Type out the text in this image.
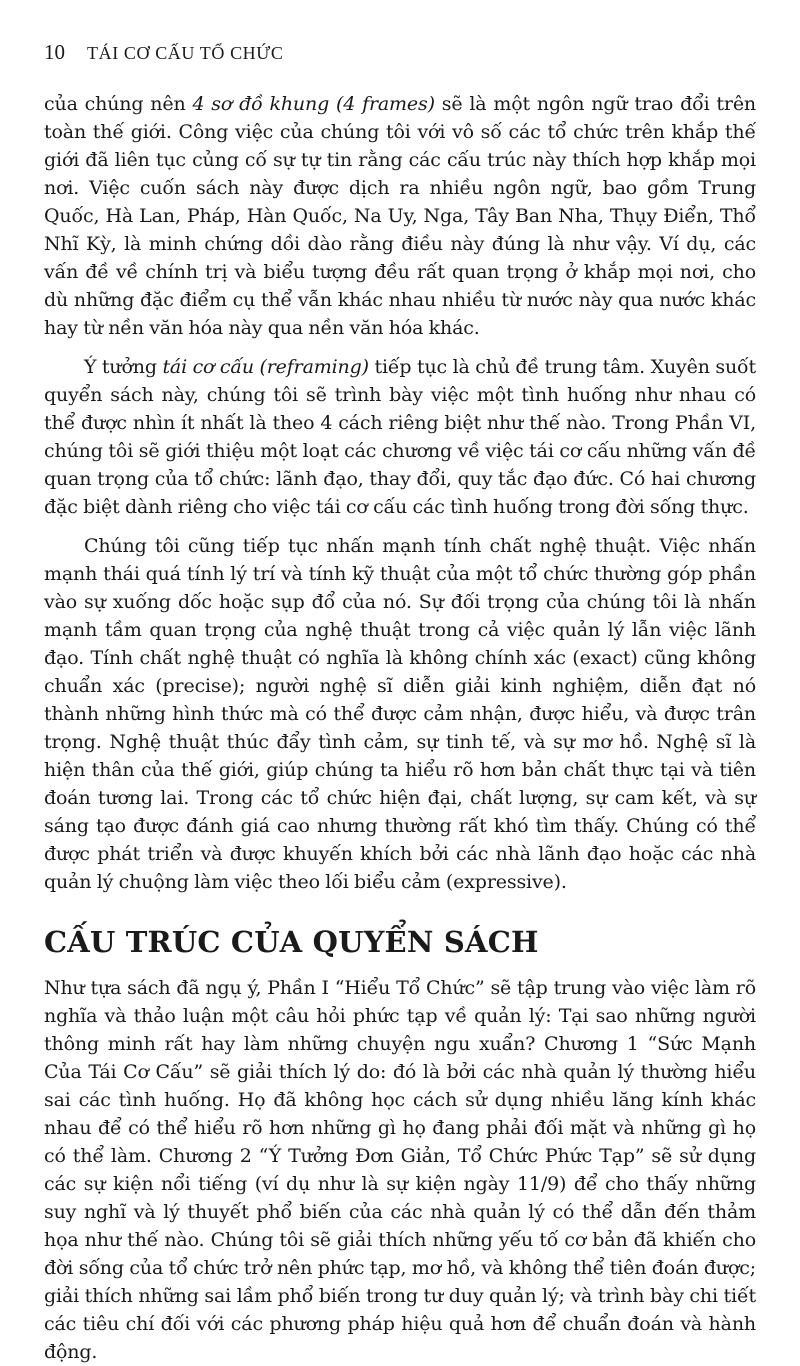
10 TÁI CƠ CẤU TỔ CHỨC

của chúng nên 4 sơ đồ khung (4 frames) sẽ là một ngôn ngữ trao đổi trên toàn thế giới. Công việc của chúng tôi với vô số các tổ chức trên khắp thế giới đã liên tục củng cố sự tự tin rằng các cấu trúc này thích hợp khắp mọi nơi. Việc cuốn sách này được dịch ra nhiều ngôn ngữ, bao gồm Trung Quốc, Hà Lan, Pháp, Hàn Quốc, Na Uy, Nga, Tây Ban Nha, Thụy Điển, Thổ Nhĩ Kỳ, là minh chứng dồi dào rằng điều này đúng là như vậy. Ví dụ, các vấn đề về chính trị và biểu tượng đều rất quan trọng ở khắp mọi nơi, cho dù những đặc điểm cụ thể vẫn khác nhau nhiều từ nước này qua nước khác hay từ nền văn hóa này qua nền văn hóa khác.

Ý tưởng tái cơ cấu (reframing) tiếp tục là chủ đề trung tâm. Xuyên suốt quyển sách này, chúng tôi sẽ trình bày việc một tình huống như nhau có thể được nhìn ít nhất là theo 4 cách riêng biệt như thế nào. Trong Phần VI, chúng tôi sẽ giới thiệu một loạt các chương về việc tái cơ cấu những vấn đề quan trọng của tổ chức: lãnh đạo, thay đổi, quy tắc đạo đức. Có hai chương đặc biệt dành riêng cho việc tái cơ cấu các tình huống trong đời sống thực.

Chúng tôi cũng tiếp tục nhấn mạnh tính chất nghệ thuật. Việc nhấn mạnh thái quá tính lý trí và tính kỹ thuật của một tổ chức thường góp phần vào sự xuống dốc hoặc sụp đổ của nó. Sự đối trọng của chúng tôi là nhấn mạnh tầm quan trọng của nghệ thuật trong cả việc quản lý lẫn việc lãnh đạo. Tính chất nghệ thuật có nghĩa là không chính xác (exact) cũng không chuẩn xác (precise); người nghệ sĩ diễn giải kinh nghiệm, diễn đạt nó thành những hình thức mà có thể được cảm nhận, được hiểu, và được trân trọng. Nghệ thuật thúc đẩy tình cảm, sự tinh tế, và sự mơ hồ. Nghệ sĩ là hiện thân của thế giới, giúp chúng ta hiểu rõ hơn bản chất thực tại và tiên đoán tương lai. Trong các tổ chức hiện đại, chất lượng, sự cam kết, và sự sáng tạo được đánh giá cao nhưng thường rất khó tìm thấy. Chúng có thể được phát triển và được khuyến khích bởi các nhà lãnh đạo hoặc các nhà quản lý chuộng làm việc theo lối biểu cảm (expressive).

CẤU TRÚC CỦA QUYỂN SÁCH

Như tựa sách đã ngụ ý, Phần I “Hiểu Tổ Chức” sẽ tập trung vào việc làm rõ nghĩa và thảo luận một câu hỏi phức tạp về quản lý: Tại sao những người thông minh rất hay làm những chuyện ngu xuẩn? Chương 1 “Sức Mạnh Của Tái Cơ Cấu” sẽ giải thích lý do: đó là bởi các nhà quản lý thường hiểu sai các tình huống. Họ đã không học cách sử dụng nhiều lăng kính khác nhau để có thể hiểu rõ hơn những gì họ đang phải đối mặt và những gì họ có thể làm. Chương 2 “Ý Tưởng Đơn Giản, Tổ Chức Phức Tạp” sẽ sử dụng các sự kiện nổi tiếng (ví dụ như là sự kiện ngày 11/9) để cho thấy những suy nghĩ và lý thuyết phổ biến của các nhà quản lý có thể dẫn đến thảm họa như thế nào. Chúng tôi sẽ giải thích những yếu tố cơ bản đã khiến cho đời sống của tổ chức trở nên phức tạp, mơ hồ, và không thể tiên đoán được; giải thích những sai lầm phổ biến trong tư duy quản lý; và trình bày chi tiết các tiêu chí đối với các phương pháp hiệu quả hơn để chuẩn đoán và hành động.
